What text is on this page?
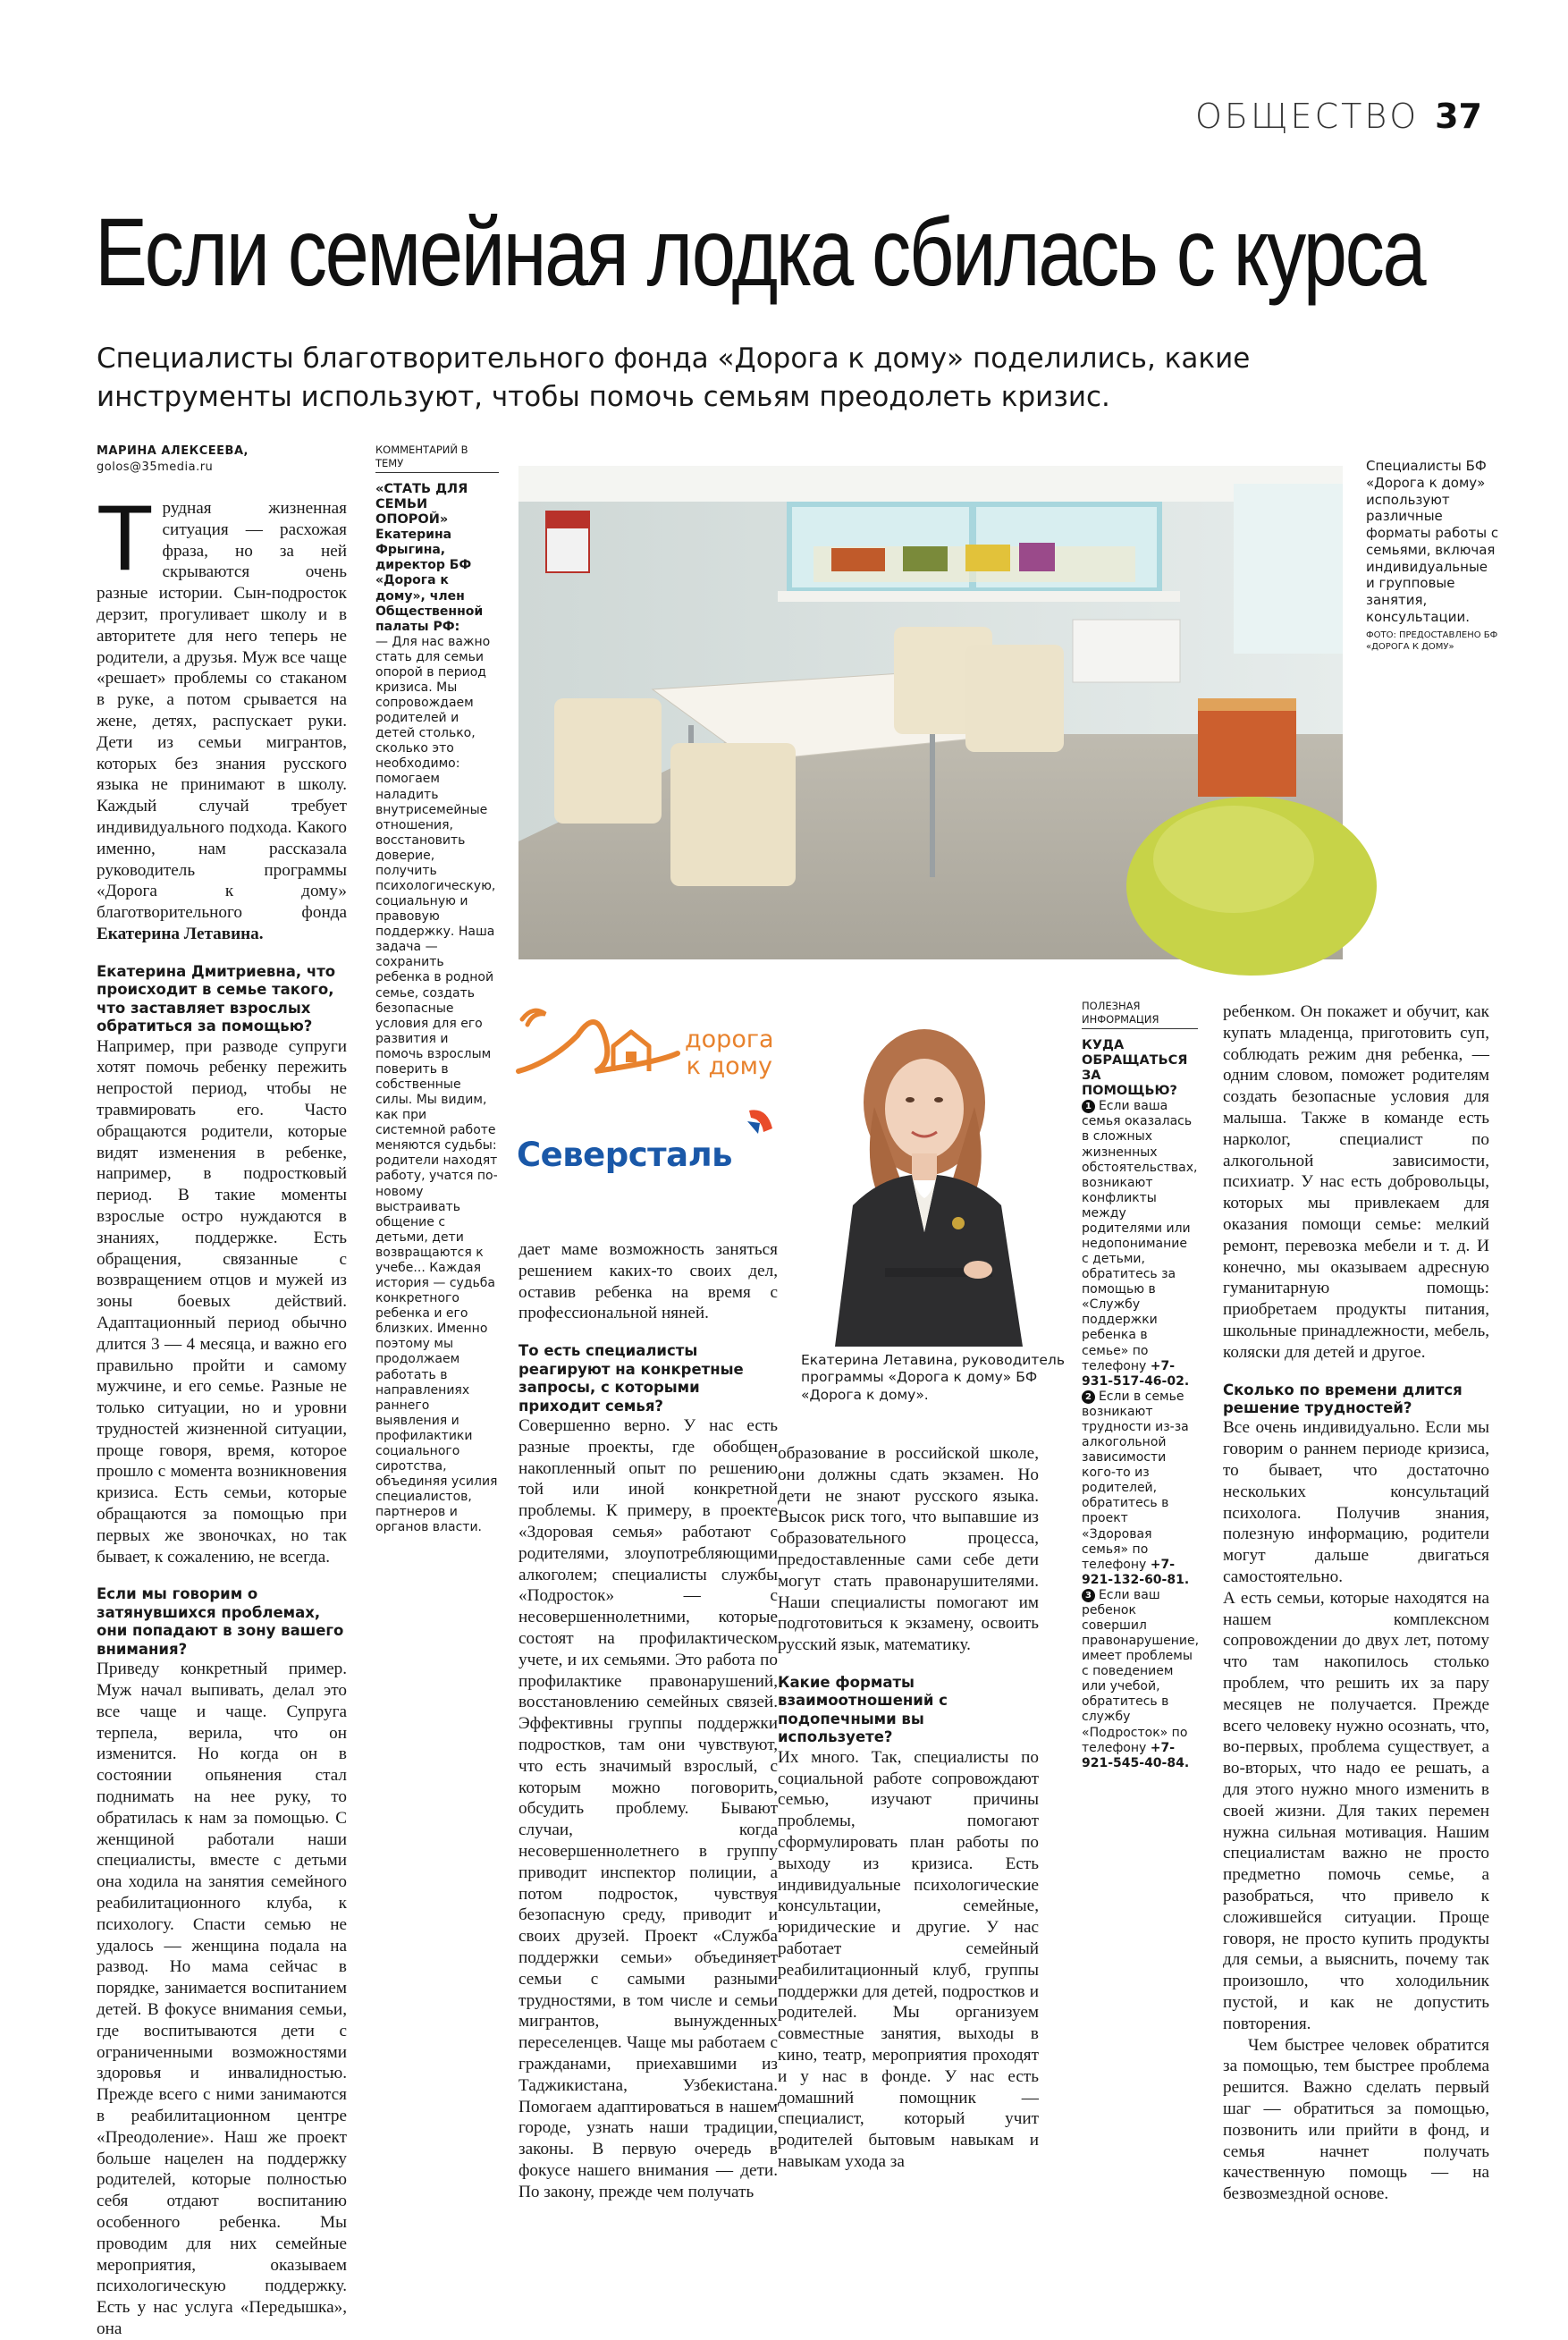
ОБЩЕСТВО 37
Если семейная лодка сбилась с курса
Специалисты благотворительного фонда «Дорога к дому» поделились, какие инструменты используют, чтобы помочь семьям преодолеть кризис.
МАРИНА АЛЕКСЕЕВА,
golos@35media.ru

Трудная жизненная ситуация — расхожая фраза, но за ней скрываются очень разные истории. Сын-подросток дерзит, прогуливает школу и в авторитете для него теперь не родители, а друзья. Муж все чаще «решает» проблемы со стаканом в руке, а потом срывается на жене, детях, распускает руки. Дети из семьи мигрантов, которых без знания русского языка не принимают в школу. Каждый случай требует индивидуального подхода. Какого именно, нам рассказала руководитель программы «Дорога к дому» благотворительного фонда Екатерина Летавина.

Екатерина Дмитриевна, что происходит в семье такого, что заставляет взрослых обратиться за помощью?

Например, при разводе супруги хотят помочь ребенку пережить непростой период, чтобы не травмировать его. Часто обращаются родители, которые видят изменения в ребенке, например, в подростковый период. В такие моменты взрослые остро нуждаются в знаниях, поддержке. Есть обращения, связанные с возвращением отцов и мужей из зоны боевых действий. Адаптационный период обычно длится 3 — 4 месяца, и важно его правильно пройти и самому мужчине, и его семье. Разные не только ситуации, но и уровни трудностей жизненной ситуации, проще говоря, время, которое прошло с момента возникновения кризиса. Есть семьи, которые обращаются за помощью при первых же звоночках, но так бывает, к сожалению, не всегда.

Если мы говорим о затянувшихся проблемах, они попадают в зону вашего внимания?

Приведу конкретный пример. Муж начал выпивать, делал это все чаще и чаще. Супруга терпела, верила, что он изменится. Но когда он в состоянии опьянения стал поднимать на нее руку, то обратилась к нам за помощью. С женщиной работали наши специалисты, вместе с детьми она ходила на занятия семейного реабилитационного клуба, к психологу. Спасти семью не удалось — женщина подала на развод. Но мама сейчас в порядке, занимается воспитанием детей. В фокусе внимания семьи, где воспитываются дети с ограниченными возможностями здоровья и инвалидностью. Прежде всего с ними занимаются в реабилитационном центре «Преодоление». Наш же проект больше нацелен на поддержку родителей, которые полностью себя отдают воспитанию особенного ребенка. Мы проводим для них семейные мероприятия, оказываем психологическую поддержку. Есть у нас услуга «Передышка», она

КОММЕНТАРИЙ В ТЕМУ
«СТАТЬ ДЛЯ СЕМЬИ ОПОРОЙ»
Екатерина Фрыгина, директор БФ «Дорога к дому», член Общественной палаты РФ:
— Для нас важно стать для семьи опорой в период кризиса. Мы сопровождаем родителей и детей столько, сколько это необходимо: помогаем наладить внутрисемейные отношения, восстановить доверие, получить психологическую, социальную и правовую поддержку. Наша задача — сохранить ребенка в родной семье, создать безопасные условия для его развития и помочь взрослым поверить в собственные силы. Мы видим, как при системной работе меняются судьбы: родители находят работу, учатся по-новому выстраивать общение с детьми, дети возвращаются к учебе... Каждая история — судьба конкретного ребенка и его близких. Именно поэтому мы продолжаем работать в направлениях раннего выявления и профилактики социального сиротства, объединяя усилия специалистов, партнеров и органов власти.
Специалисты БФ «Дорога к дому» используют различные форматы работы с семьями, включая индивидуальные и групповые занятия, консультации.
ФОТО: ПРЕДОСТАВЛЕНО БФ «ДОРОГА К ДОМУ»
дорога
к дому
Северсталь
Екатерина Летавина, руководитель программы «Дорога к дому» БФ «Дорога к дому».

дает маме возможность заняться решением каких-то своих дел, оставив ребенка на время с профессиональной няней.

То есть специалисты реагируют на конкретные запросы, с которыми приходит семья?

Совершенно верно. У нас есть разные проекты, где обобщен накопленный опыт по решению той или иной конкретной проблемы. К примеру, в проекте «Здоровая семья» работают с родителями, злоупотребляющими алкоголем; специалисты службы «Подросток» — с несовершеннолетними, которые состоят на профилактическом учете, и их семьями. Это работа по профилактике правонарушений, восстановлению семейных связей. Эффективны группы поддержки подростков, там они чувствуют, что есть значимый взрослый, с которым можно поговорить, обсудить проблему. Бывают случаи, когда несовершеннолетнего в группу приводит инспектор полиции, а потом подросток, чувствуя безопасную среду, приводит и своих друзей. Проект «Служба поддержки семьи» объединяет семьи с самыми разными трудностями, в том числе и семьи мигрантов, вынужденных переселенцев. Чаще мы работаем с гражданами, приехавшими из Таджикистана, Узбекистана. Помогаем адаптироваться в нашем городе, узнать наши традиции, законы. В первую очередь в фокусе нашего внимания — дети. По закону, прежде чем получать

образование в российской школе, они должны сдать экзамен. Но дети не знают русского языка. Высок риск того, что выпавшие из образовательного процесса, предоставленные сами себе дети могут стать правонарушителями. Наши специалисты помогают им подготовиться к экзамену, освоить русский язык, математику.

Какие форматы взаимоотношений с подопечными вы используете?

Их много. Так, специалисты по социальной работе сопровождают семью, изучают причины проблемы, помогают сформулировать план работы по выходу из кризиса. Есть индивидуальные психологические консультации, семейные, юридические и другие. У нас работает семейный реабилитационный клуб, группы поддержки для детей, подростков и родителей. Мы организуем совместные занятия, выходы в кино, театр, мероприятия проходят и у нас в фонде. У нас есть домашний помощник — специалист, который учит родителей бытовым навыкам и навыкам ухода за

ПОЛЕЗНАЯ ИНФОРМАЦИЯ
КУДА ОБРАЩАТЬСЯ ЗА ПОМОЩЬЮ?
1 Если ваша семья оказалась в сложных жизненных обстоятельствах, возникают конфликты между родителями или недопонимание с детьми, обратитесь за помощью в «Службу поддержки ребенка в семье» по телефону +7-931-517-46-02.
2 Если в семье возникают трудности из-за алкогольной зависимости кого-то из родителей, обратитесь в проект «Здоровая семья» по телефону +7-921-132-60-81.
3 Если ваш ребенок совершил правонарушение, имеет проблемы с поведением или учебой, обратитесь в службу «Подросток» по телефону +7-921-545-40-84.

ребенком. Он покажет и обучит, как купать младенца, приготовить суп, соблюдать режим дня ребенка, — одним словом, поможет родителям создать безопасные условия для малыша. Также в команде есть нарколог, специалист по алкогольной зависимости, психиатр. У нас есть добровольцы, которых мы привлекаем для оказания помощи семье: мелкий ремонт, перевозка мебели и т. д. И конечно, мы оказываем адресную гуманитарную помощь: приобретаем продукты питания, школьные принадлежности, мебель, коляски для детей и другое.

Сколько по времени длится решение трудностей?

Все очень индивидуально. Если мы говорим о раннем периоде кризиса, то бывает, что достаточно нескольких консультаций психолога. Получив знания, полезную информацию, родители могут дальше двигаться самостоятельно.

А есть семьи, которые находятся на нашем комплексном сопровождении до двух лет, потому что там накопилось столько проблем, что решить их за пару месяцев не получается. Прежде всего человеку нужно осознать, что, во-первых, проблема существует, а во-вторых, что надо ее решать, а для этого нужно много изменить в своей жизни. Для таких перемен нужна сильная мотивация. Нашим специалистам важно не просто предметно помочь семье, а разобраться, что привело к сложившейся ситуации. Проще говоря, не просто купить продукты для семьи, а выяснить, почему так произошло, что холодильник пустой, и как не допустить повторения.

Чем быстрее человек обратится за помощью, тем быстрее проблема решится. Важно сделать первый шаг — обратиться за помощью, позвонить или прийти в фонд, и семья начнет получать качественную помощь — на безвозмездной основе.
